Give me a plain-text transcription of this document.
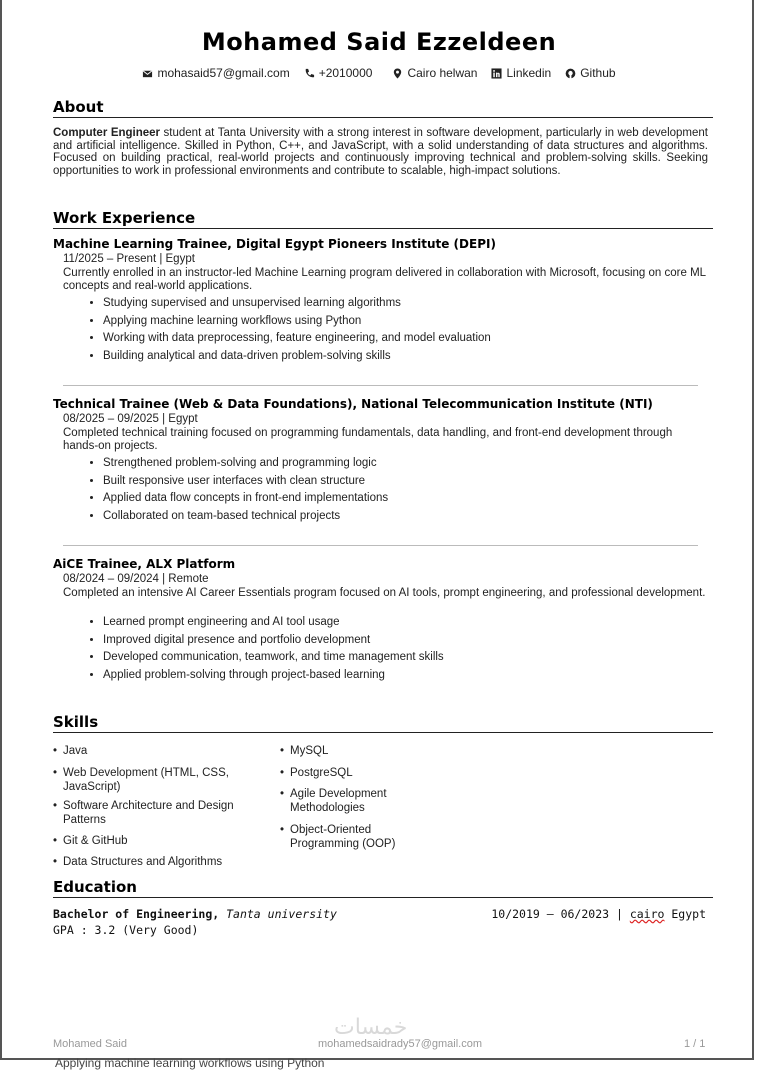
Mohamed Said Ezzeldeen
mohasaid57@gmail.com +2010000	Cairo helwan Linkedin Github
About
Computer Engineer student at Tanta University with a strong interest in software development, particularly in web development and artificial intelligence. Skilled in Python, C++, and JavaScript, with a solid understanding of data structures and algorithms. Focused on building practical, real-world projects and continuously improving technical and problem-solving skills. Seeking opportunities to work in professional environments and contribute to scalable, high-impact solutions.
Work Experience
Machine Learning Trainee, Digital Egypt Pioneers Institute (DEPI)
11/2025 – Present | Egypt
Currently enrolled in an instructor-led Machine Learning program delivered in collaboration with Microsoft, focusing on core ML concepts and real-world applications.
• Studying supervised and unsupervised learning algorithms
• Applying machine learning workflows using Python
• Working with data preprocessing, feature engineering, and model evaluation
• Building analytical and data-driven problem-solving skills
Technical Trainee (Web & Data Foundations), National Telecommunication Institute (NTI)
08/2025 – 09/2025 | Egypt
Completed technical training focused on programming fundamentals, data handling, and front-end development through hands-on projects.
• Strengthened problem-solving and programming logic
• Built responsive user interfaces with clean structure
• Applied data flow concepts in front-end implementations
• Collaborated on team-based technical projects
AiCE Trainee, ALX Platform
08/2024 – 09/2024 | Remote
Completed an intensive AI Career Essentials program focused on AI tools, prompt engineering, and professional development.
• Learned prompt engineering and AI tool usage
• Improved digital presence and portfolio development
• Developed communication, teamwork, and time management skills
• Applied problem-solving through project-based learning
Skills
• Java
• Web Development (HTML, CSS, JavaScript)
• Software Architecture and Design Patterns
• Git & GitHub
• Data Structures and Algorithms
• MySQL
• PostgreSQL
• Agile Development Methodologies
• Object-Oriented Programming (OOP)
Education
Bachelor of Engineering, Tanta university
GPA : 3.2 (Very Good)
10/2019 – 06/2023 | cairo Egypt
خمسات
Mohamed Said	mohamedsaidrady57@gmail.com	1 / 1
Applying machine learning workflows using Python
